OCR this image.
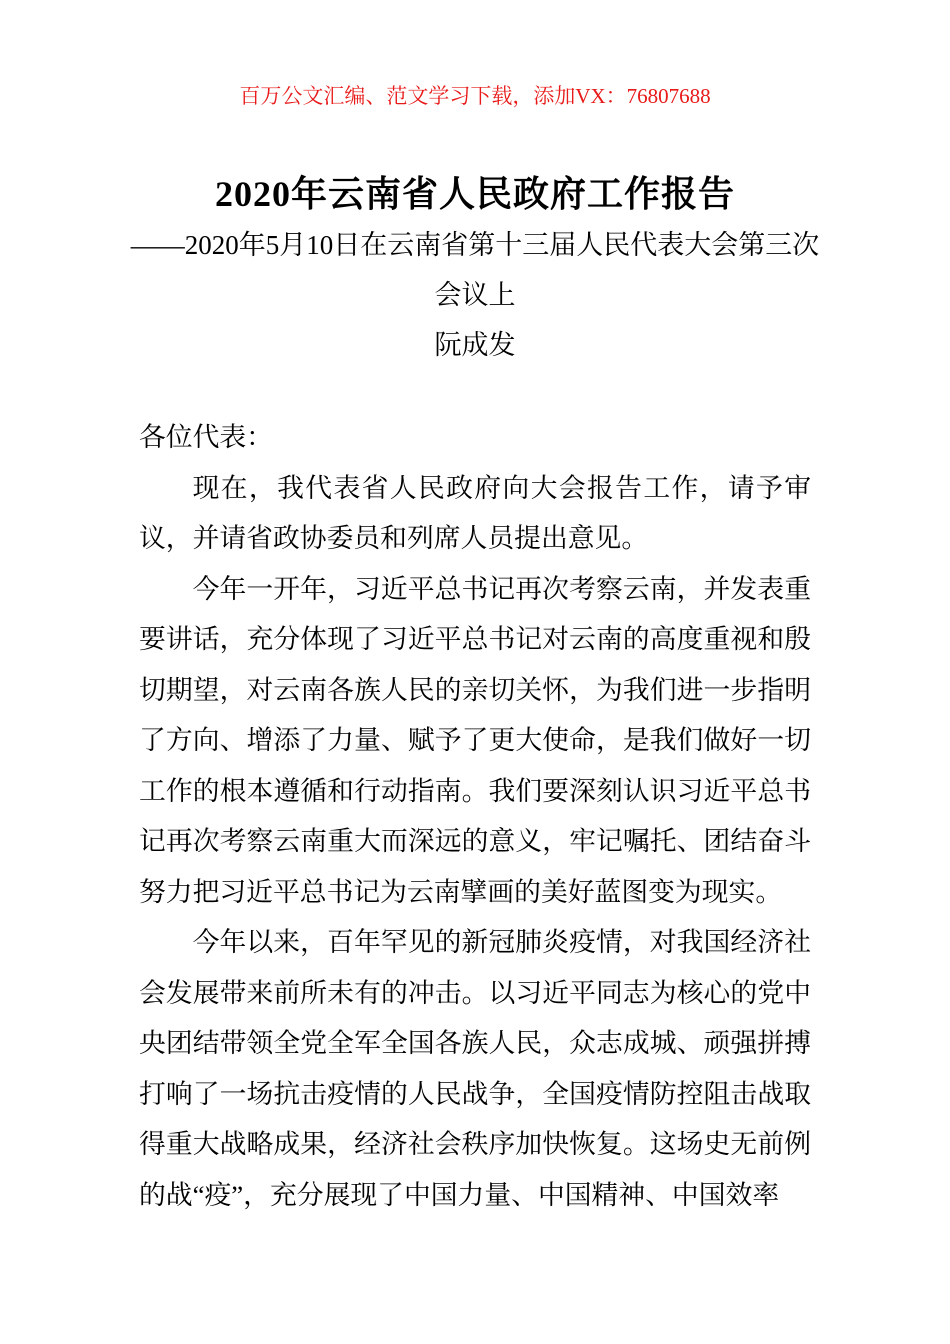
百万公文汇编、范文学习下载，添加VX：76807688
2020年云南省人民政府工作报告
——2020年5月10日在云南省第十三届人民代表大会第三次会议上
阮成发

各位代表：

现在，我代表省人民政府向大会报告工作，请予审议，并请省政协委员和列席人员提出意见。

今年一开年，习近平总书记再次考察云南，并发表重要讲话，充分体现了习近平总书记对云南的高度重视和殷切期望，对云南各族人民的亲切关怀，为我们进一步指明了方向、增添了力量、赋予了更大使命，是我们做好一切工作的根本遵循和行动指南。我们要深刻认识习近平总书记再次考察云南重大而深远的意义，牢记嘱托、团结奋斗努力把习近平总书记为云南擘画的美好蓝图变为现实。

今年以来，百年罕见的新冠肺炎疫情，对我国经济社会发展带来前所未有的冲击。以习近平同志为核心的党中央团结带领全党全军全国各族人民，众志成城、顽强拼搏打响了一场抗击疫情的人民战争，全国疫情防控阻击战取得重大战略成果，经济社会秩序加快恢复。这场史无前例的战“疫”，充分展现了中国力量、中国精神、中国效率
